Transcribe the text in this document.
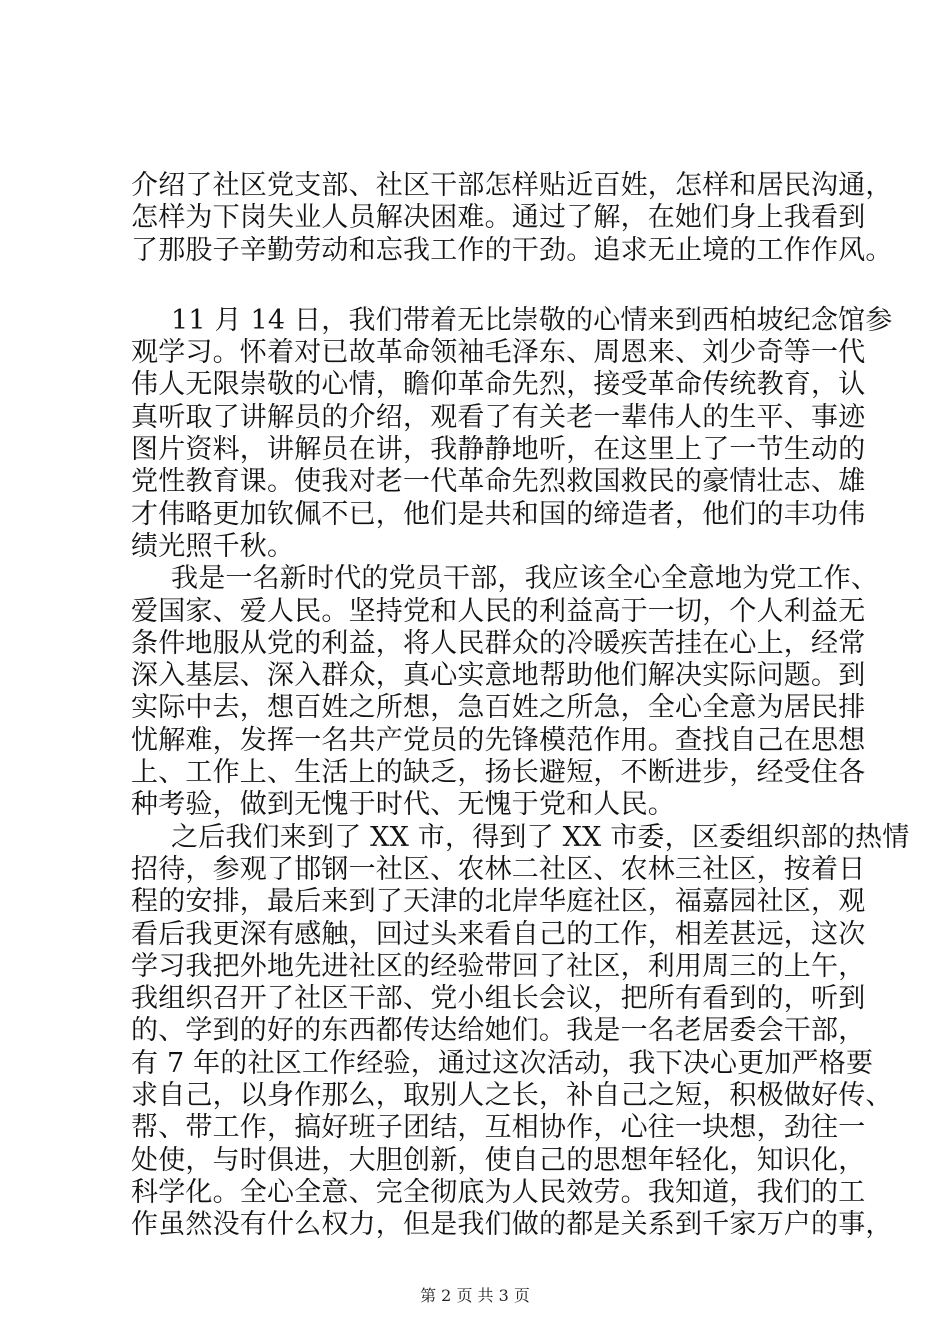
介绍了社区党支部、社区干部怎样贴近百姓，怎样和居民沟通，
怎样为下岗失业人员解决困难。通过了解，在她们身上我看到
了那股子辛勤劳动和忘我工作的干劲。追求无止境的工作作风。
11 月 14 日，我们带着无比崇敬的心情来到西柏坡纪念馆参
观学习。怀着对已故革命领袖毛泽东、周恩来、刘少奇等一代
伟人无限崇敬的心情，瞻仰革命先烈，接受革命传统教育，认
真听取了讲解员的介绍，观看了有关老一辈伟人的生平、事迹
图片资料，讲解员在讲，我静静地听，在这里上了一节生动的
党性教育课。使我对老一代革命先烈救国救民的豪情壮志、雄
才伟略更加钦佩不已，他们是共和国的缔造者，他们的丰功伟
绩光照千秋。
我是一名新时代的党员干部，我应该全心全意地为党工作、
爱国家、爱人民。坚持党和人民的利益高于一切，个人利益无
条件地服从党的利益，将人民群众的冷暖疾苦挂在心上，经常
深入基层、深入群众，真心实意地帮助他们解决实际问题。到
实际中去，想百姓之所想，急百姓之所急，全心全意为居民排
忧解难，发挥一名共产党员的先锋模范作用。查找自己在思想
上、工作上、生活上的缺乏，扬长避短，不断进步，经受住各
种考验，做到无愧于时代、无愧于党和人民。
之后我们来到了 XX 市，得到了 XX 市委，区委组织部的热情
招待，参观了邯钢一社区、农林二社区、农林三社区，按着日
程的安排，最后来到了天津的北岸华庭社区，福嘉园社区，观
看后我更深有感触，回过头来看自己的工作，相差甚远，这次
学习我把外地先进社区的经验带回了社区，利用周三的上午，
我组织召开了社区干部、党小组长会议，把所有看到的，听到
的、学到的好的东西都传达给她们。我是一名老居委会干部，
有 7 年的社区工作经验，通过这次活动，我下决心更加严格要
求自己，以身作那么，取别人之长，补自己之短，积极做好传、
帮、带工作，搞好班子团结，互相协作，心往一块想，劲往一
处使，与时俱进，大胆创新，使自己的思想年轻化，知识化，
科学化。全心全意、完全彻底为人民效劳。我知道，我们的工
作虽然没有什么权力，但是我们做的都是关系到千家万户的事，
第 2 页 共 3 页
